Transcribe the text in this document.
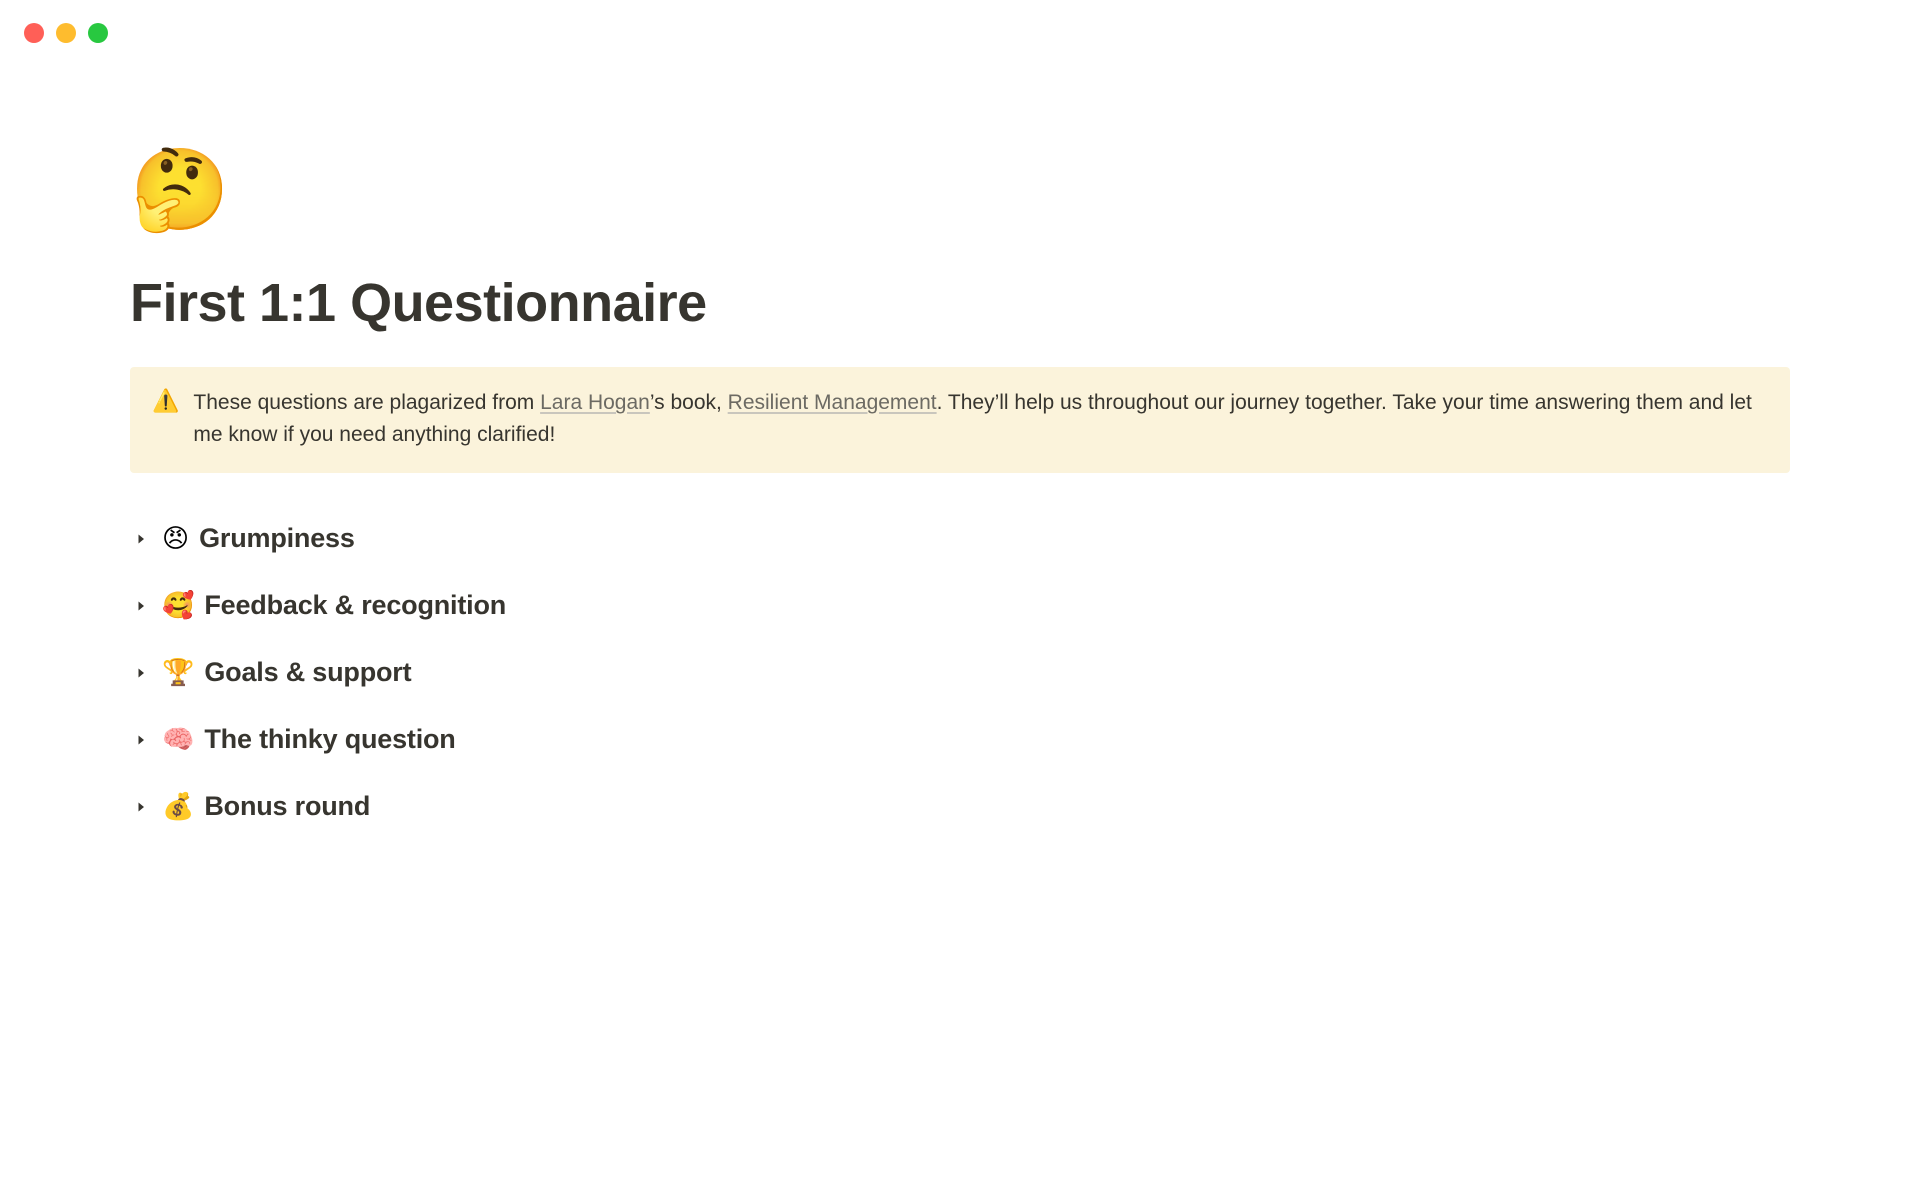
🤔
First 1:1 Questionnaire
⚠️ These questions are plagarized from Lara Hogan’s book, Resilient Management. They’ll help us throughout our journey together. Take your time answering them and let me know if you need anything clarified!
😠 Grumpiness
🥰 Feedback & recognition
🏆 Goals & support
🧠 The thinky question
💰 Bonus round
